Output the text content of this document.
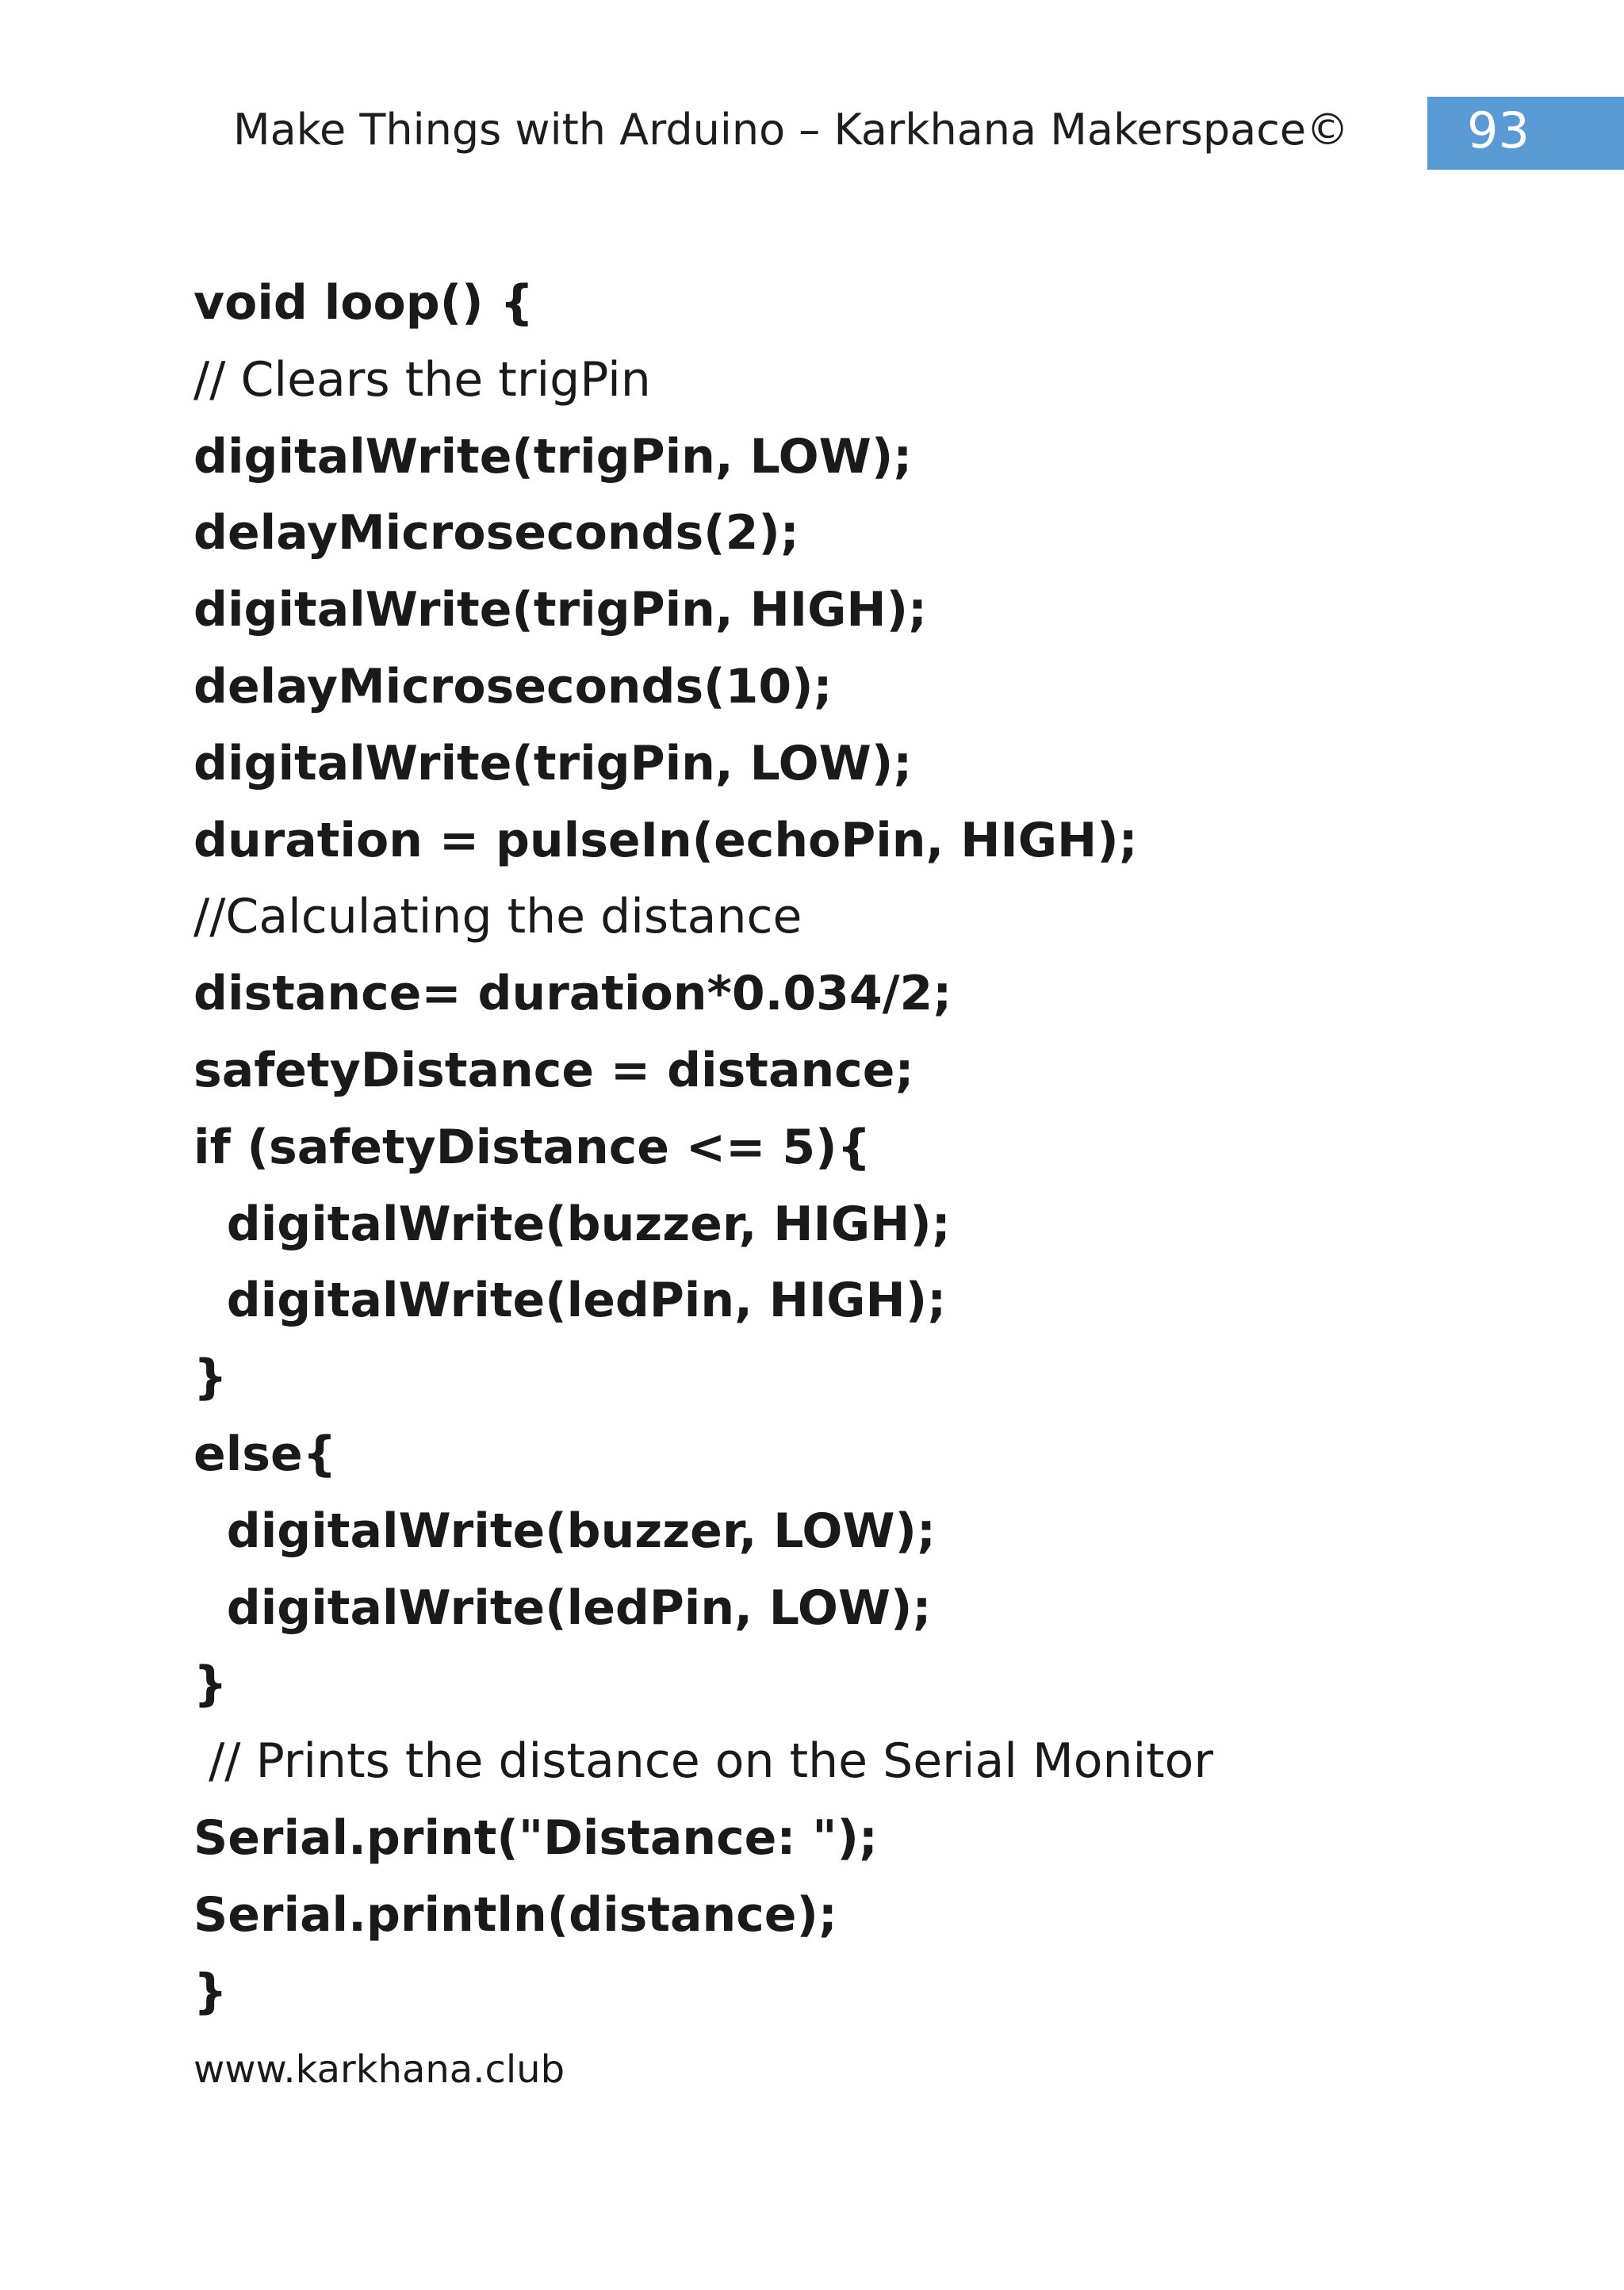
Make Things with Arduino – Karkhana Makerspace© 93
void loop() {
// Clears the trigPin
digitalWrite(trigPin, LOW);
delayMicroseconds(2);
digitalWrite(trigPin, HIGH);
delayMicroseconds(10);
digitalWrite(trigPin, LOW);
duration = pulseIn(echoPin, HIGH);
//Calculating the distance
distance= duration*0.034/2;
safetyDistance = distance;
if (safetyDistance <= 5){
digitalWrite(buzzer, HIGH);
digitalWrite(ledPin, HIGH);
}
else{
digitalWrite(buzzer, LOW);
digitalWrite(ledPin, LOW);
}
// Prints the distance on the Serial Monitor
Serial.print("Distance: ");
Serial.println(distance);
}
www.karkhana.club
